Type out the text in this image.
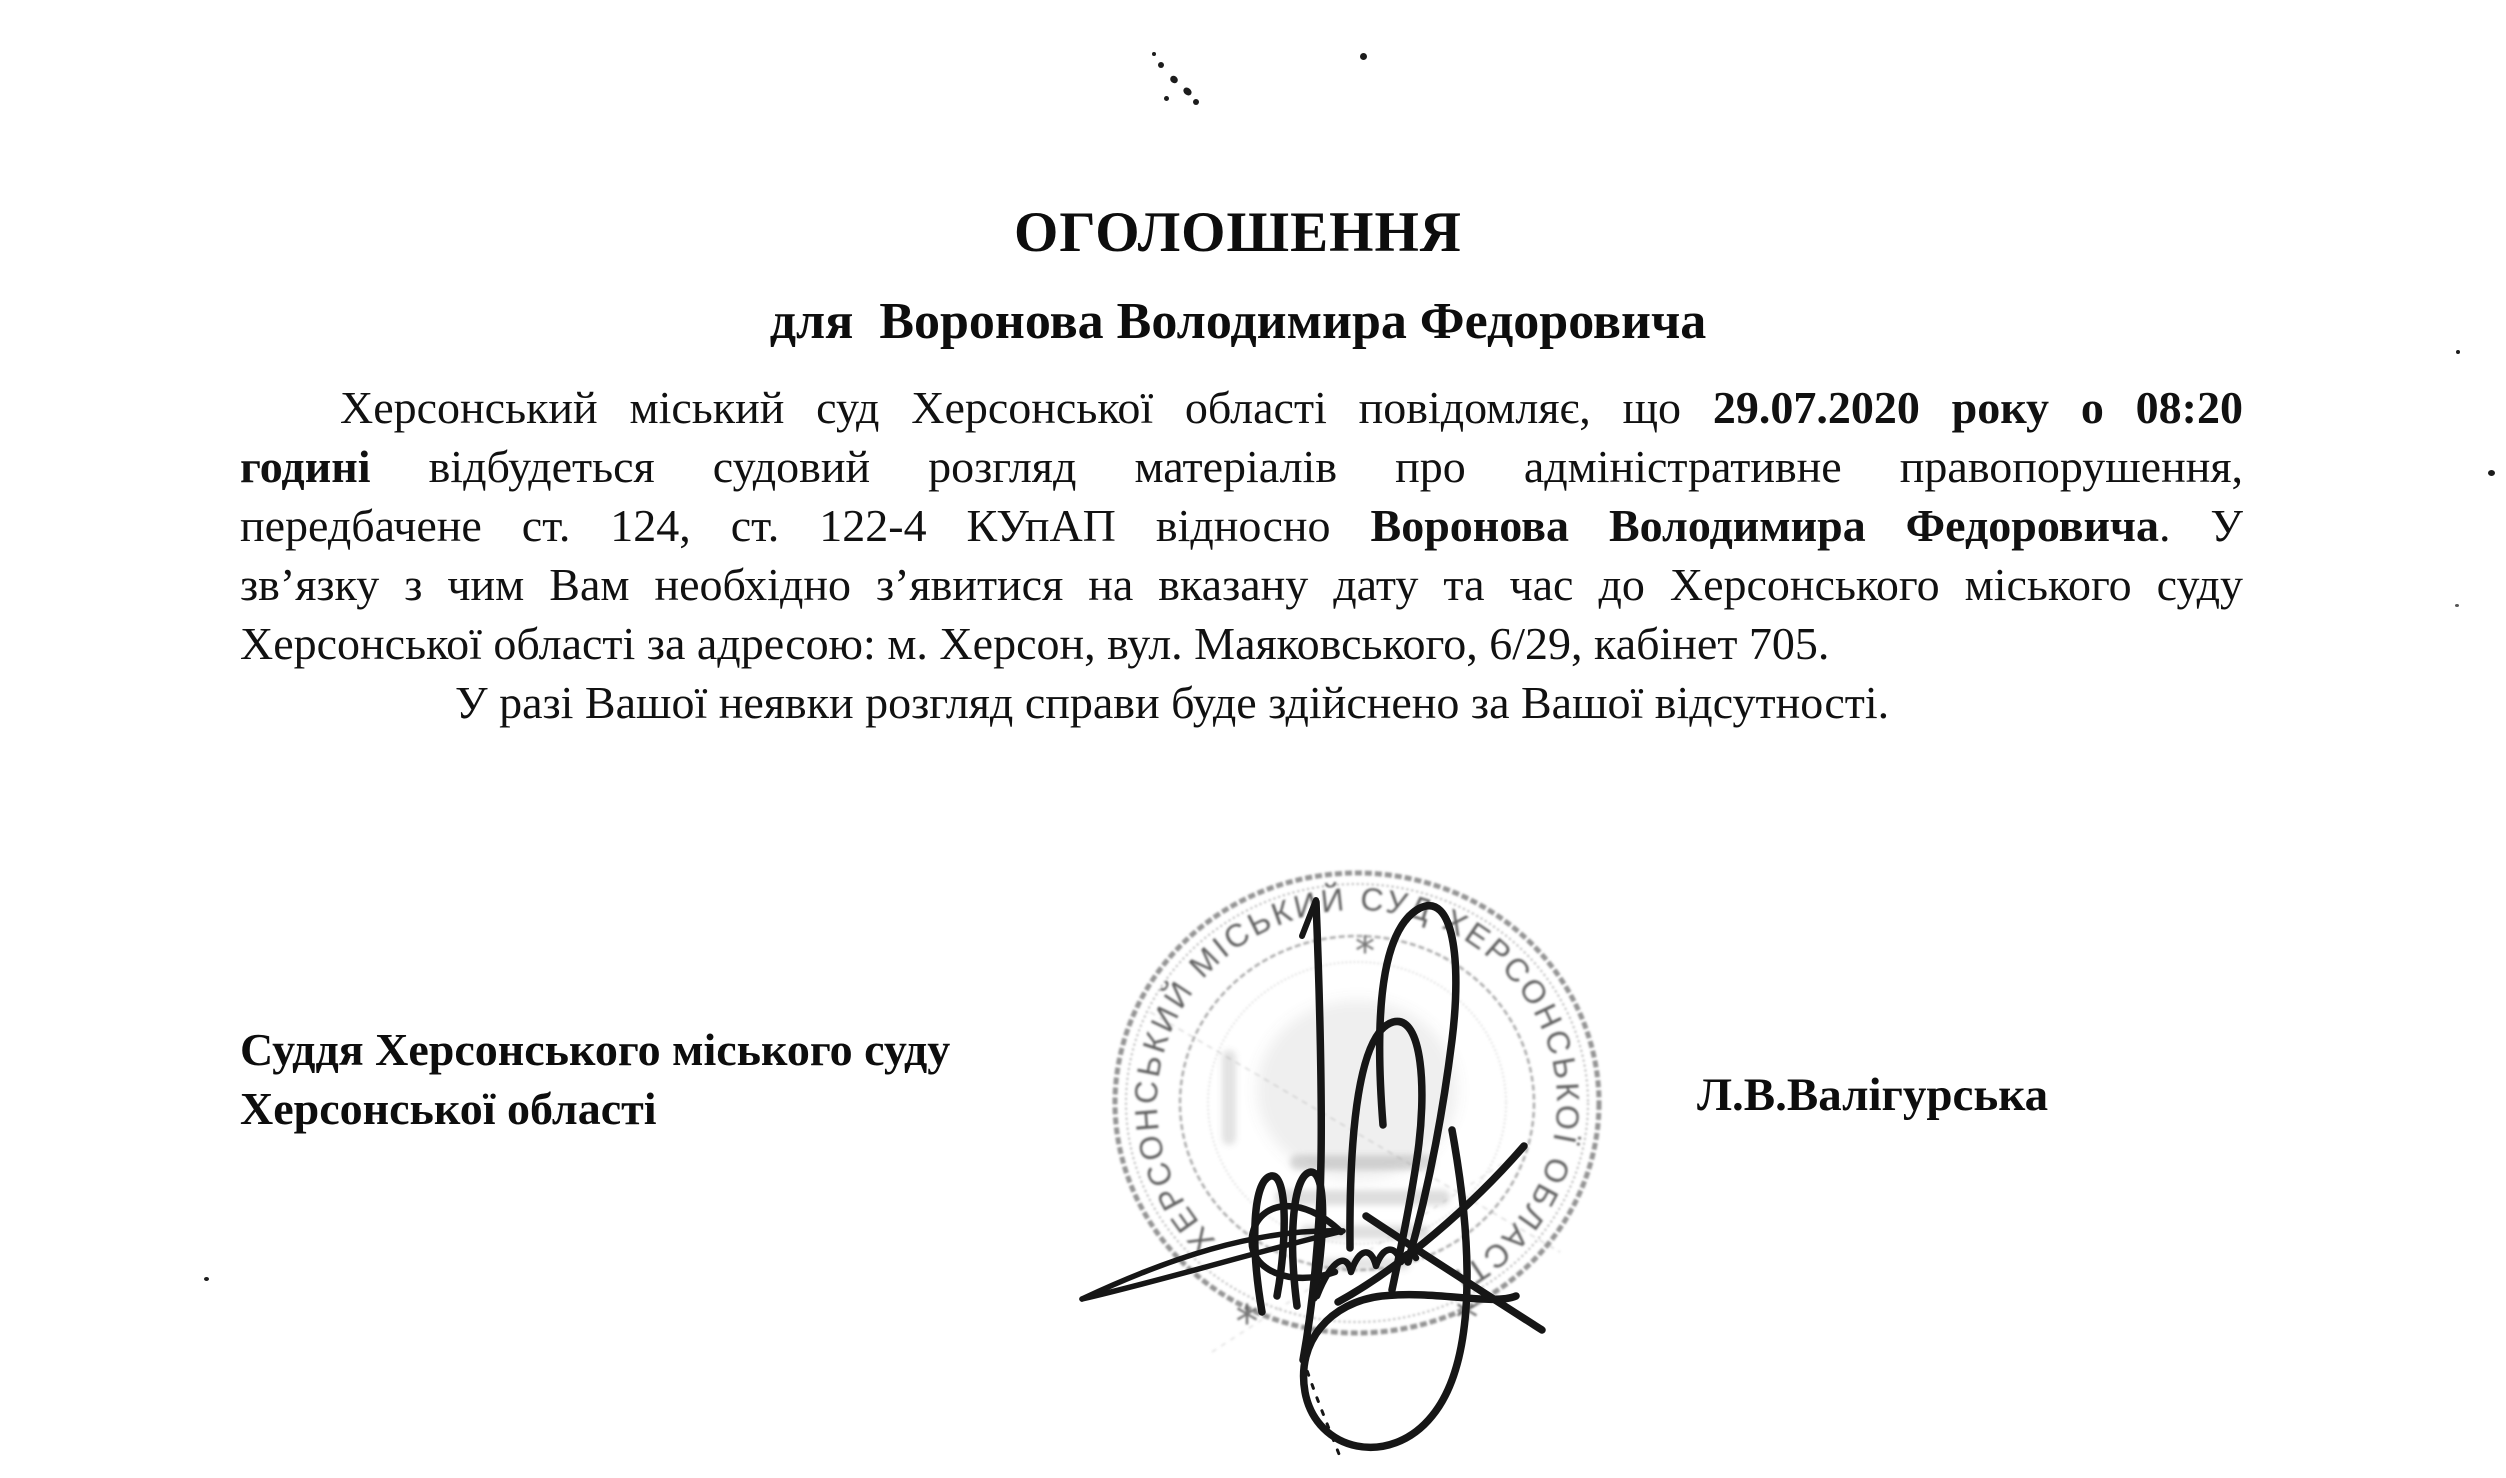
ОГОЛОШЕННЯ
для  Воронова Володимира Федоровича
Херсонський міський суд Херсонської області повідомляє, що 29.07.2020 року о 08:20
годині відбудеться судовий розгляд матеріалів про адміністративне правопорушення,
передбачене ст. 124, ст. 122-4 КУпАП відносно Воронова Володимира Федоровича. У
зв’язку з чим Вам необхідно з’явитися на вказану дату та час до Херсонського міського суду
Херсонської області за адресою: м. Херсон, вул. Маяковського, 6/29, кабінет 705.
У разі Вашої неявки розгляд справи буде здійснено за Вашої відсутності.
Суддя Херсонського міського суду
Херсонської області	Л.В.Валігурська
ХЕРСОНСЬКИЙ МІСЬКИЙ СУД ХЕРСОНСЬКОЇ ОБЛАСТІ
*
*	*
